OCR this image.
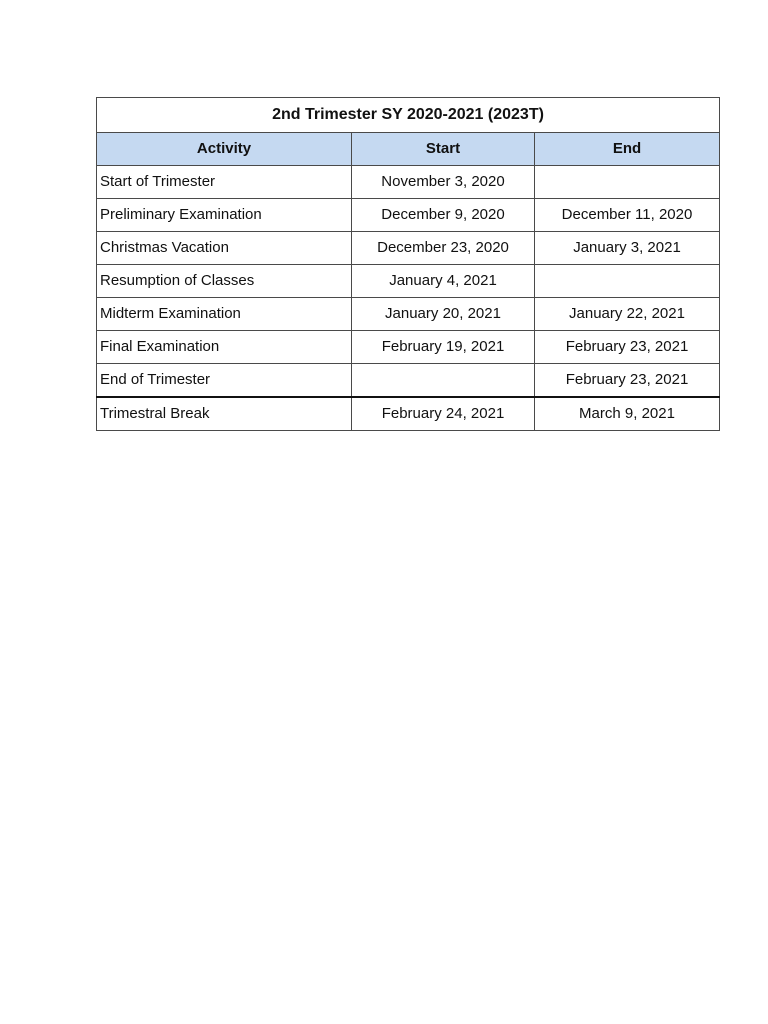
2nd Trimester SY 2020-2021 (2023T)		
Activity	Start	End
Start of Trimester	November 3, 2020	
Preliminary Examination	December 9, 2020	December 11, 2020
Christmas Vacation	December 23, 2020	January 3, 2021
Resumption of Classes	January 4, 2021	
Midterm Examination	January 20, 2021	January 22, 2021
Final Examination	February 19, 2021	February 23, 2021
End of Trimester		February 23, 2021
Trimestral Break	February 24, 2021	March 9, 2021
